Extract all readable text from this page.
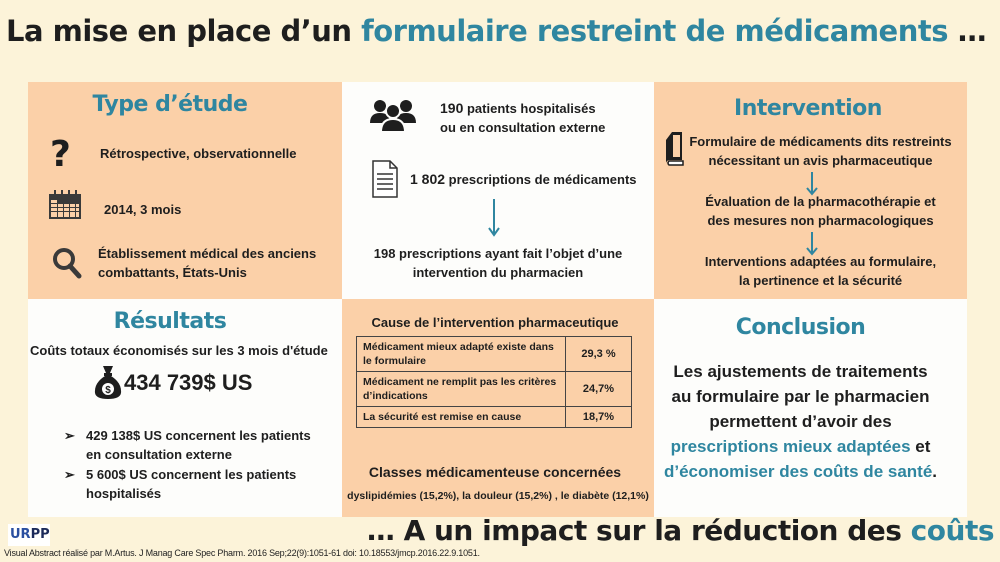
La mise en place d’un formulaire restreint de médicaments …
Type d’étude
? Rétrospective, observationnelle
2014, 3 mois
Établissement médical des anciens
combattants, États-Unis
190 patients hospitalisés
ou en consultation externe
1 802 prescriptions de médicaments
198 prescriptions ayant fait l’objet d’une
intervention du pharmacien
Intervention
Formulaire de médicaments dits restreints
nécessitant un avis pharmaceutique
Évaluation de la pharmacothérapie et
des mesures non pharmacologiques
Interventions adaptées au formulaire,
la pertinence et la sécurité
Résultats
Coûts totaux économisés sur les 3 mois d'étude
$ 434 739$ US
➢ 429 138$ US concernent les patients
en consultation externe
➢ 5 600$ US concernent les patients
hospitalisés
Cause de l’intervention pharmaceutique
Médicament mieux adapté existe dans
le formulaire	29,3 %

Médicament ne remplit pas les critères
d’indications	24,7%
La sécurité est remise en cause	18,7%
Classes médicamenteuse concernées
dyslipidémies (15,2%), la douleur (15,2%) , le diabète (12,1%)
Conclusion
Les ajustements de traitements
au formulaire par le pharmacien
permettent d’avoir des
prescriptions mieux adaptées et
d’économiser des coûts de santé.
URPP
Visual Abstract réalisé par M.Artus. J Manag Care Spec Pharm. 2016 Sep;22(9):1051-61 doi: 10.18553/jmcp.2016.22.9.1051.
… A un impact sur la réduction des coûts
